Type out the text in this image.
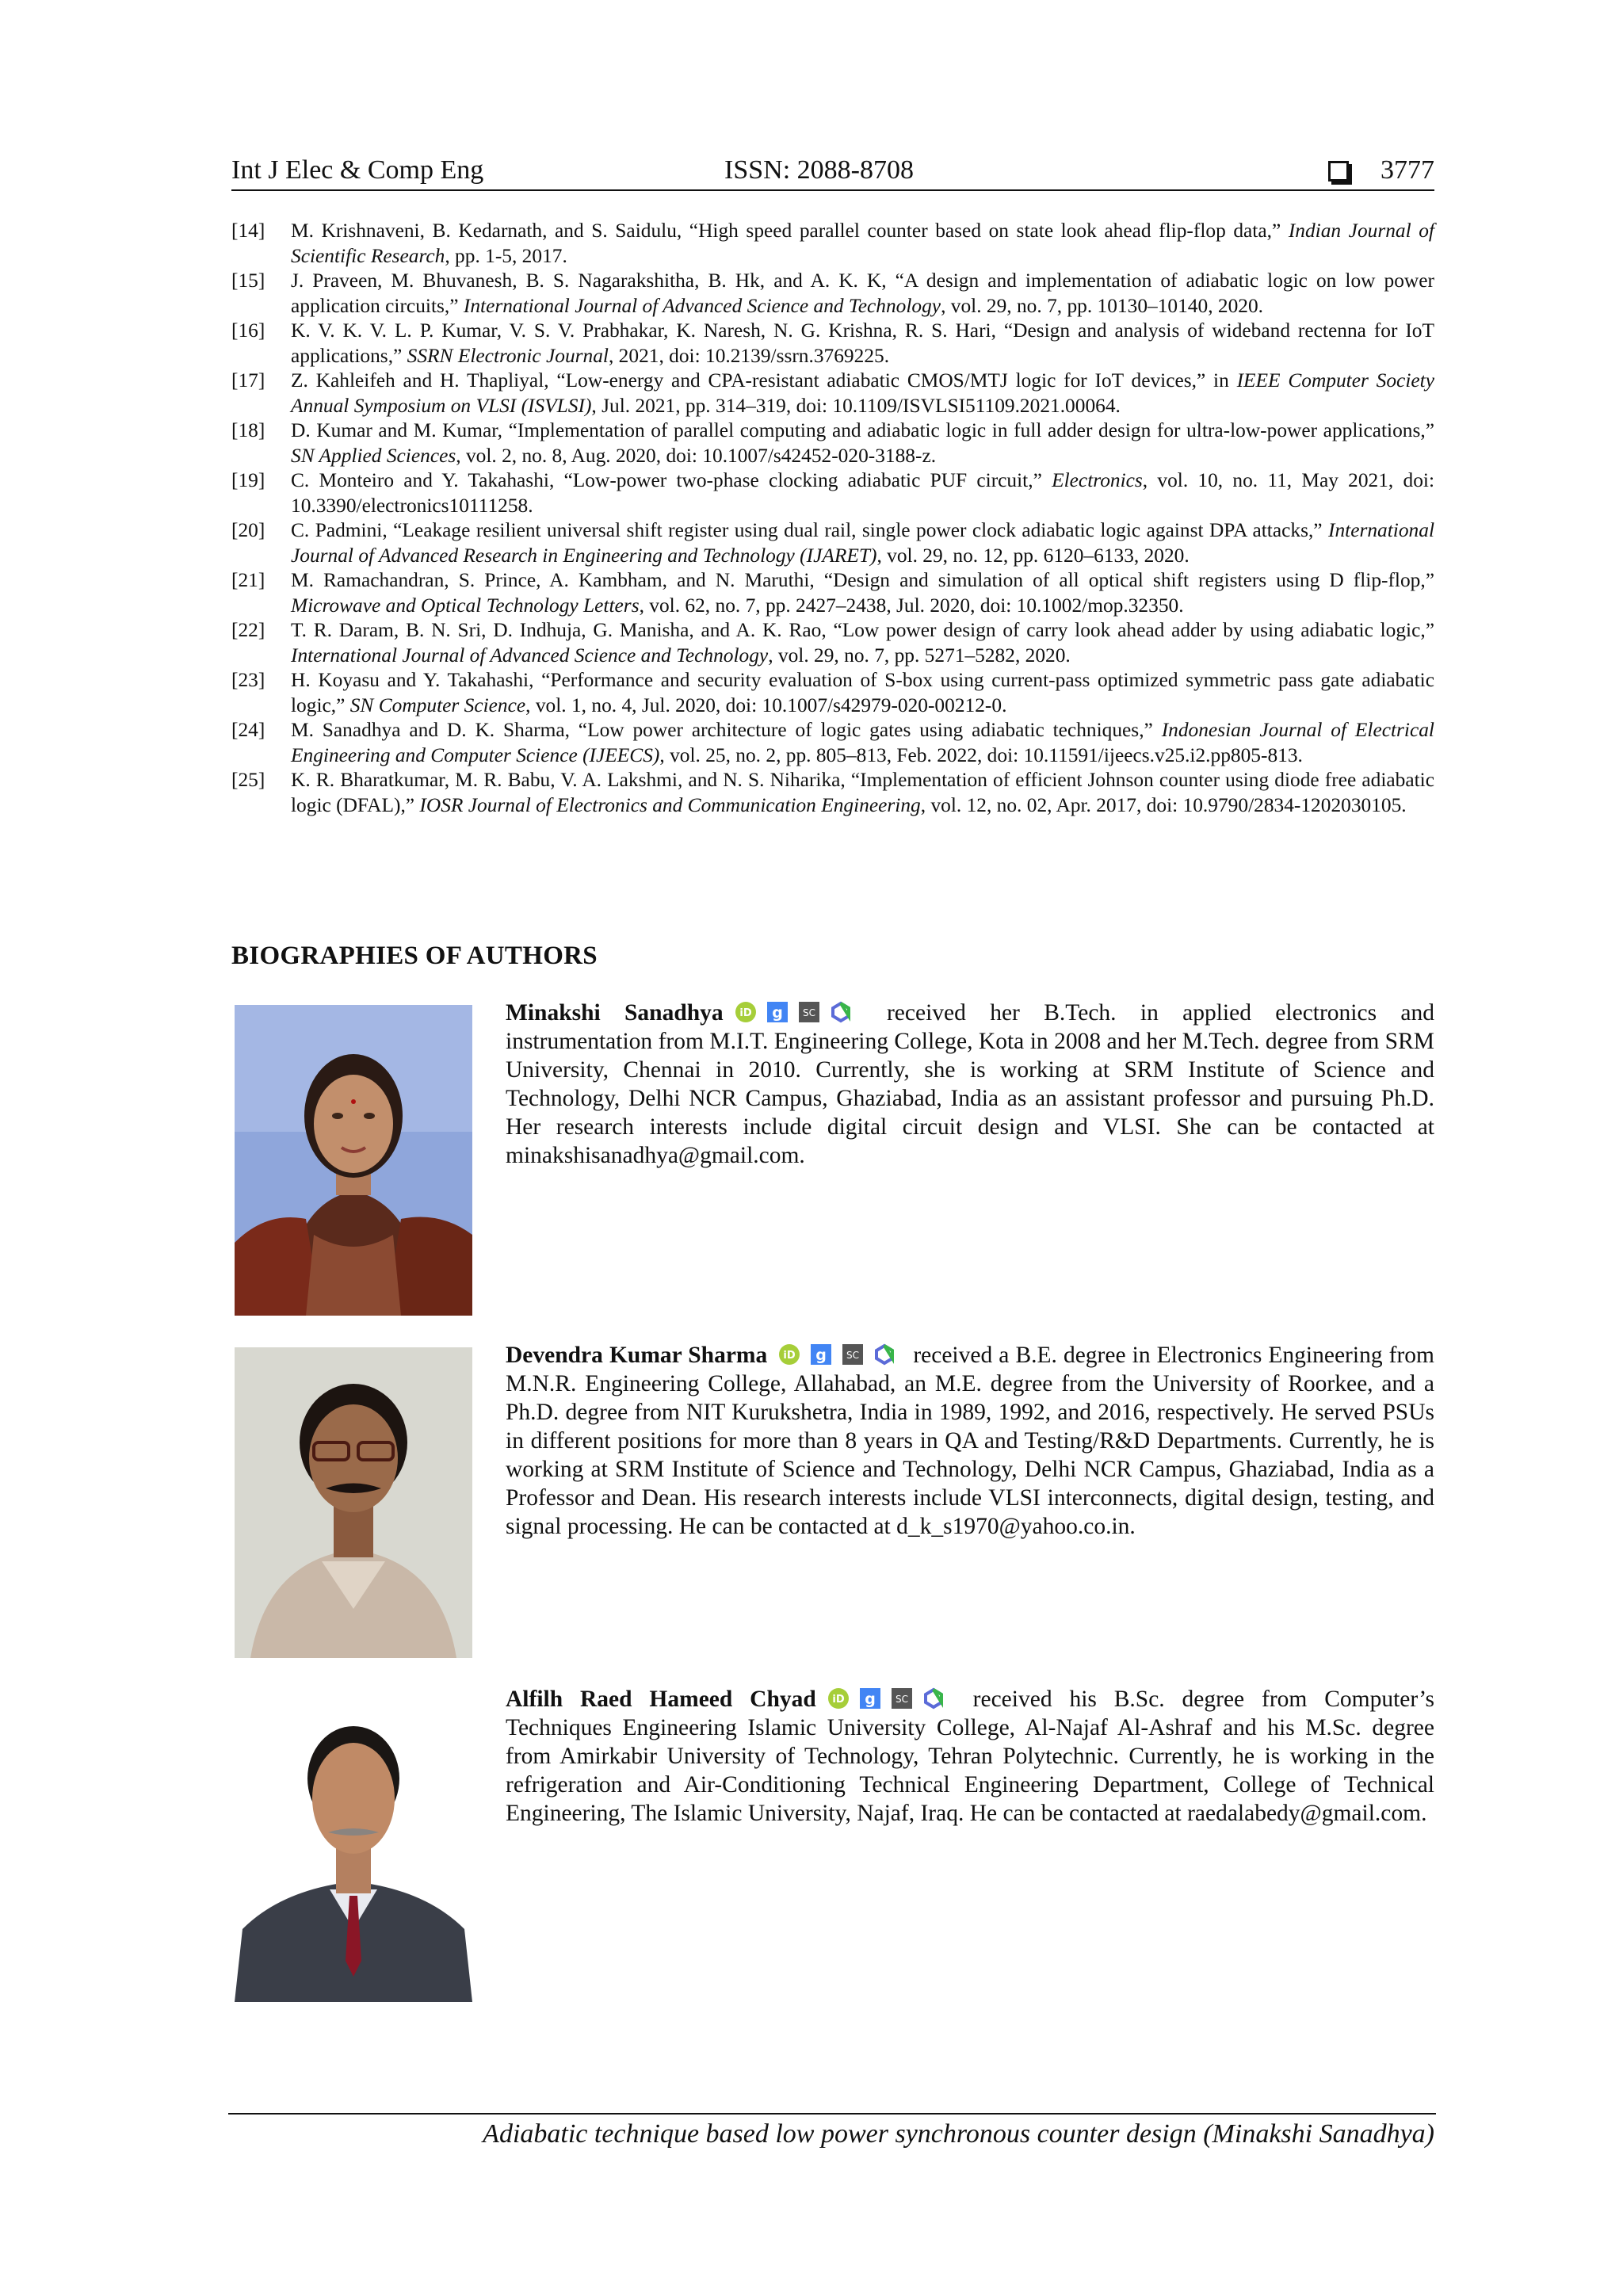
Int J Elec & Comp Eng	ISSN: 2088-8708	3777
[14]	M. Krishnaveni, B. Kedarnath, and S. Saidulu, “High speed parallel counter based on state look ahead flip-flop data,” Indian Journal of Scientific Research, pp. 1-5, 2017.
[15]	J. Praveen, M. Bhuvanesh, B. S. Nagarakshitha, B. Hk, and A. K. K, “A design and implementation of adiabatic logic on low power application circuits,” International Journal of Advanced Science and Technology, vol. 29, no. 7, pp. 10130–10140, 2020.
[16]	K. V. K. V. L. P. Kumar, V. S. V. Prabhakar, K. Naresh, N. G. Krishna, R. S. Hari, “Design and analysis of wideband rectenna for IoT applications,” SSRN Electronic Journal, 2021, doi: 10.2139/ssrn.3769225.
[17]	Z. Kahleifeh and H. Thapliyal, “Low-energy and CPA-resistant adiabatic CMOS/MTJ logic for IoT devices,” in IEEE Computer Society Annual Symposium on VLSI (ISVLSI), Jul. 2021, pp. 314–319, doi: 10.1109/ISVLSI51109.2021.00064.
[18]	D. Kumar and M. Kumar, “Implementation of parallel computing and adiabatic logic in full adder design for ultra-low-power applications,” SN Applied Sciences, vol. 2, no. 8, Aug. 2020, doi: 10.1007/s42452-020-3188-z.
[19]	C. Monteiro and Y. Takahashi, “Low-power two-phase clocking adiabatic PUF circuit,” Electronics, vol. 10, no. 11, May 2021, doi: 10.3390/electronics10111258.
[20]	C. Padmini, “Leakage resilient universal shift register using dual rail, single power clock adiabatic logic against DPA attacks,” International Journal of Advanced Research in Engineering and Technology (IJARET), vol. 29, no. 12, pp. 6120–6133, 2020.
[21]	M. Ramachandran, S. Prince, A. Kambham, and N. Maruthi, “Design and simulation of all optical shift registers using D flip-flop,” Microwave and Optical Technology Letters, vol. 62, no. 7, pp. 2427–2438, Jul. 2020, doi: 10.1002/mop.32350.
[22]	T. R. Daram, B. N. Sri, D. Indhuja, G. Manisha, and A. K. Rao, “Low power design of carry look ahead adder by using adiabatic logic,” International Journal of Advanced Science and Technology, vol. 29, no. 7, pp. 5271–5282, 2020.
[23]	H. Koyasu and Y. Takahashi, “Performance and security evaluation of S-box using current-pass optimized symmetric pass gate adiabatic logic,” SN Computer Science, vol. 1, no. 4, Jul. 2020, doi: 10.1007/s42979-020-00212-0.
[24]	M. Sanadhya and D. K. Sharma, “Low power architecture of logic gates using adiabatic techniques,” Indonesian Journal of Electrical Engineering and Computer Science (IJEECS), vol. 25, no. 2, pp. 805–813, Feb. 2022, doi: 10.11591/ijeecs.v25.i2.pp805-813.
[25]	K. R. Bharatkumar, M. R. Babu, V. A. Lakshmi, and N. S. Niharika, “Implementation of efficient Johnson counter using diode free adiabatic logic (DFAL),” IOSR Journal of Electronics and Communication Engineering, vol. 12, no. 02, Apr. 2017, doi: 10.9790/2834-1202030105.
BIOGRAPHIES OF AUTHORS
Minakshi Sanadhya iD g SC received her B.Tech. in applied electronics and instrumentation from M.I.T. Engineering College, Kota in 2008 and her M.Tech. degree from SRM University, Chennai in 2010. Currently, she is working at SRM Institute of Science and Technology, Delhi NCR Campus, Ghaziabad, India as an assistant professor and pursuing Ph.D. Her research interests include digital circuit design and VLSI. She can be contacted at minakshisanadhya@gmail.com.
Devendra Kumar Sharma iD g SC received a B.E. degree in Electronics Engineering from M.N.R. Engineering College, Allahabad, an M.E. degree from the University of Roorkee, and a Ph.D. degree from NIT Kurukshetra, India in 1989, 1992, and 2016, respectively. He served PSUs in different positions for more than 8 years in QA and Testing/R&D Departments. Currently, he is working at SRM Institute of Science and Technology, Delhi NCR Campus, Ghaziabad, India as a Professor and Dean. His research interests include VLSI interconnects, digital design, testing, and signal processing. He can be contacted at d_k_s1970@yahoo.co.in.
Alfilh Raed Hameed Chyad iD g SC received his B.Sc. degree from Computer’s Techniques Engineering Islamic University College, Al-Najaf Al-Ashraf and his M.Sc. degree from Amirkabir University of Technology, Tehran Polytechnic. Currently, he is working in the refrigeration and Air-Conditioning Technical Engineering Department, College of Technical Engineering, The Islamic University, Najaf, Iraq. He can be contacted at raedalabedy@gmail.com.
Adiabatic technique based low power synchronous counter design (Minakshi Sanadhya)
